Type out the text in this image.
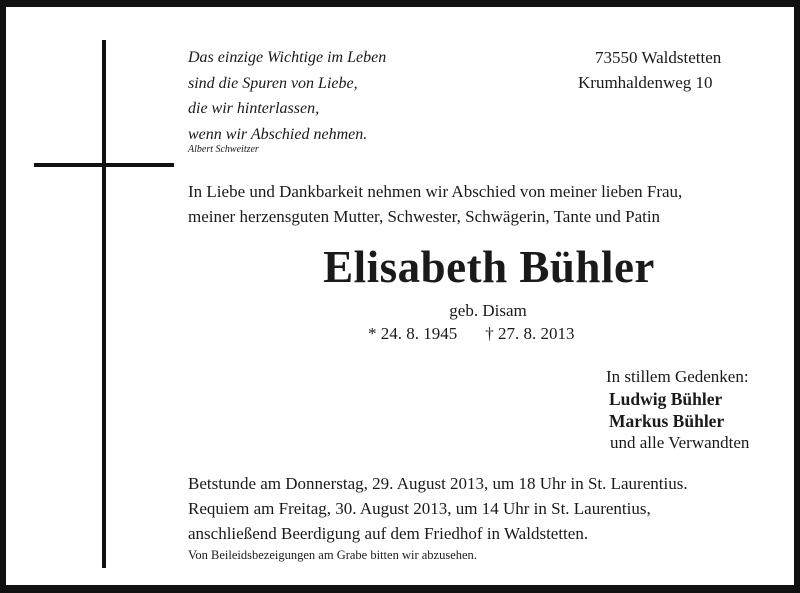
Das einzige Wichtige im Leben
sind die Spuren von Liebe,
die wir hinterlassen,
wenn wir Abschied nehmen.
Albert Schweitzer
73550 Waldstetten
Krumhaldenweg 10
In Liebe und Dankbarkeit nehmen wir Abschied von meiner lieben Frau,
meiner herzensguten Mutter, Schwester, Schwägerin, Tante und Patin
Elisabeth Bühler
geb. Disam
* 24. 8. 1945 † 27. 8. 2013
In stillem Gedenken:
Ludwig Bühler
Markus Bühler
und alle Verwandten
Betstunde am Donnerstag, 29. August 2013, um 18 Uhr in St. Laurentius.
Requiem am Freitag, 30. August 2013, um 14 Uhr in St. Laurentius,
anschließend Beerdigung auf dem Friedhof in Waldstetten.
Von Beileidsbezeigungen am Grabe bitten wir abzusehen.
